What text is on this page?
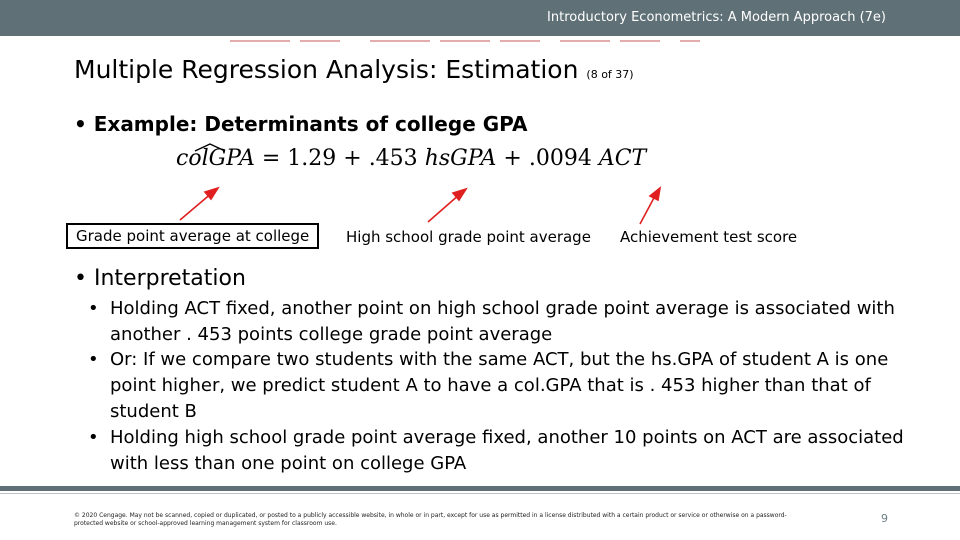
Introductory Econometrics: A Modern Approach (7e)
Multiple Regression Analysis: Estimation (8 of 37)
• Example: Determinants of college GPA
colGPA = 1.29 + .453 hsGPA + .0094 ACT
Grade point average at college	High school grade point average Achievement test score
• Interpretation
• Holding ACT fixed, another point on high school grade point average is associated with another . 453 points college grade point average
• Or: If we compare two students with the same ACT, but the hs.GPA of student A is one point higher, we predict student A to have a col.GPA that is . 453 higher than that of student B
• Holding high school grade point average fixed, another 10 points on ACT are associated with less than one point on college GPA
© 2020 Cengage. May not be scanned, copied or duplicated, or posted to a publicly accessible website, in whole or in part, except for use as permitted in a license distributed with a certain product or service or otherwise on a password-protected website or school-approved learning management system for classroom use.	9
